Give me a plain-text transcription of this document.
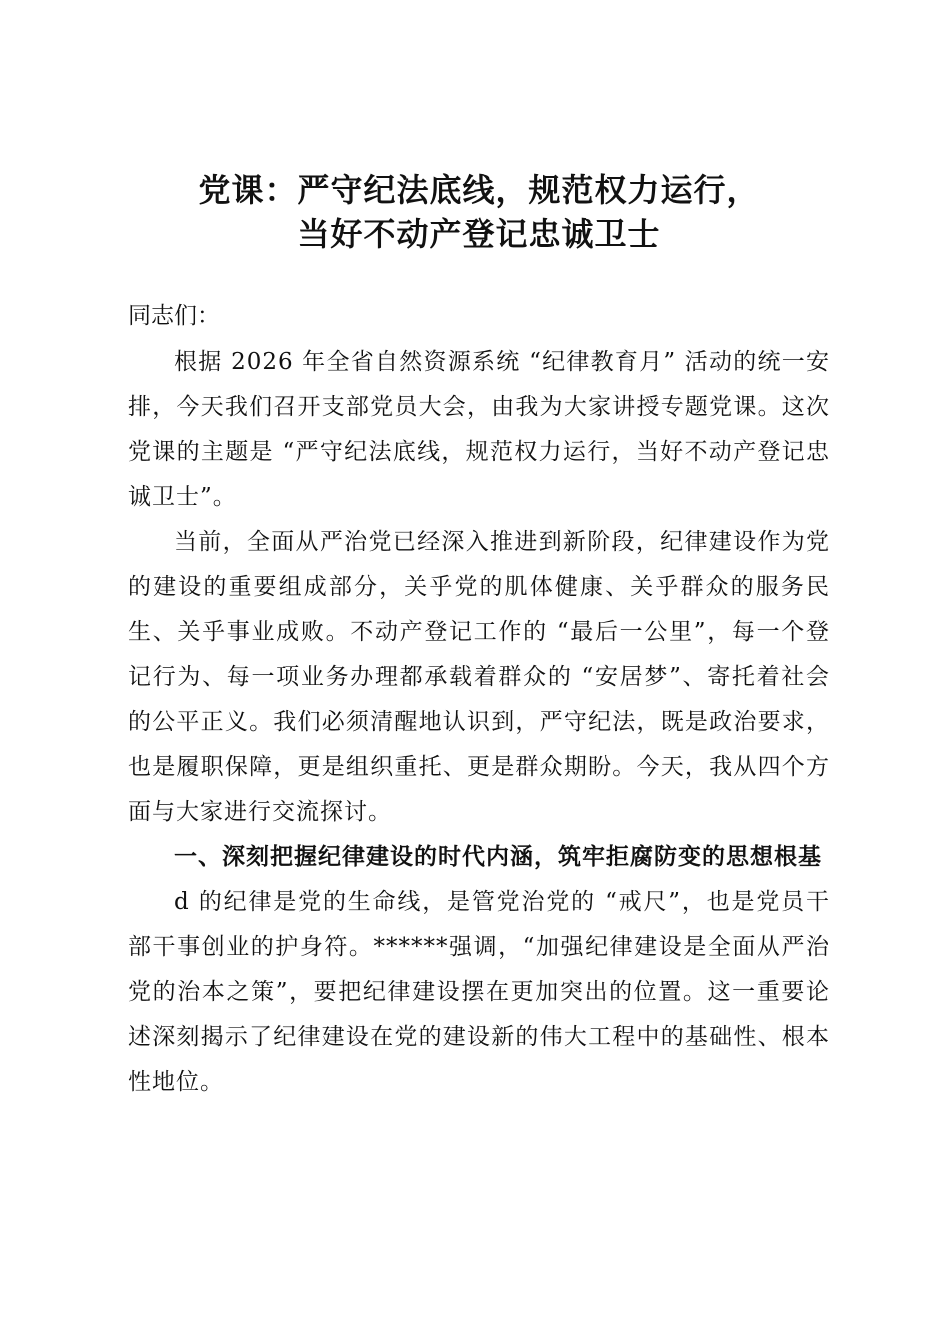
党课：严守纪法底线，规范权力运行，
当好不动产登记忠诚卫士

同志们：

根据 2026 年全省自然资源系统 “纪律教育月” 活动的统一安排，今天我们召开支部党员大会，由我为大家讲授专题党课。这次党课的主题是 “严守纪法底线，规范权力运行，当好不动产登记忠诚卫士”。

当前，全面从严治党已经深入推进到新阶段，纪律建设作为党的建设的重要组成部分，关乎党的肌体健康、关乎群众的服务民生、关乎事业成败。不动产登记工作的 “最后一公里”，每一个登记行为、每一项业务办理都承载着群众的 “安居梦”、寄托着社会的公平正义。我们必须清醒地认识到，严守纪法，既是政治要求，也是履职保障，更是组织重托、更是群众期盼。今天，我从四个方面与大家进行交流探讨。

一、深刻把握纪律建设的时代内涵，筑牢拒腐防变的思想根基

d 的纪律是党的生命线，是管党治党的 “戒尺”，也是党员干部干事创业的护身符。******强调，“加强纪律建设是全面从严治党的治本之策”，要把纪律建设摆在更加突出的位置。这一重要论述深刻揭示了纪律建设在党的建设新的伟大工程中的基础性、根本性地位。
